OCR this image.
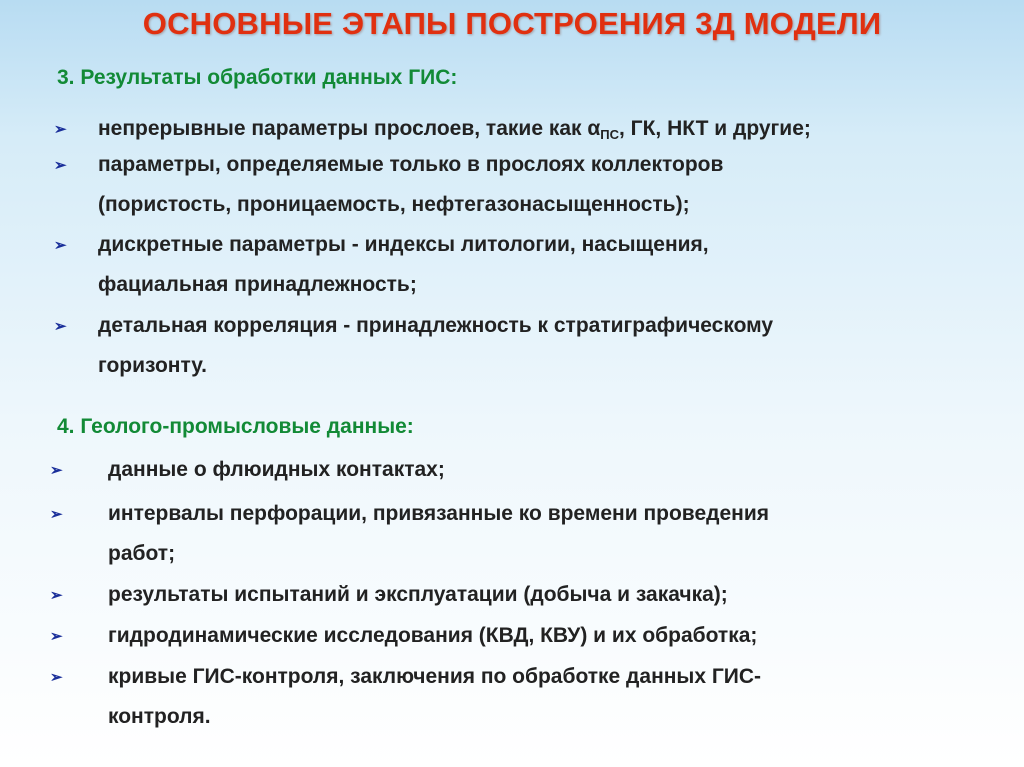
ОСНОВНЫЕ ЭТАПЫ ПОСТРОЕНИЯ 3Д МОДЕЛИ
3. Результаты обработки данных ГИС:
➢ непрерывные параметры прослоев, такие как $\alpha_{ПС}$, ГК, НКТ и другие;
➢ параметры, определяемые только в прослоях коллекторов
(пористость, проницаемость, нефтегазонасыщенность);
➢ дискретные параметры - индексы литологии, насыщения,
фациальная принадлежность;
➢ детальная корреляция - принадлежность к стратиграфическому
горизонту.
4. Геолого-промысловые данные:
➢ данные о флюидных контактах;
➢ интервалы перфорации, привязанные ко времени проведения
работ;
➢ результаты испытаний и эксплуатации (добыча и закачка);
➢ гидродинамические исследования (КВД, КВУ) и их обработка;
➢ кривые ГИС-контроля, заключения по обработке данных ГИС-
контроля.
